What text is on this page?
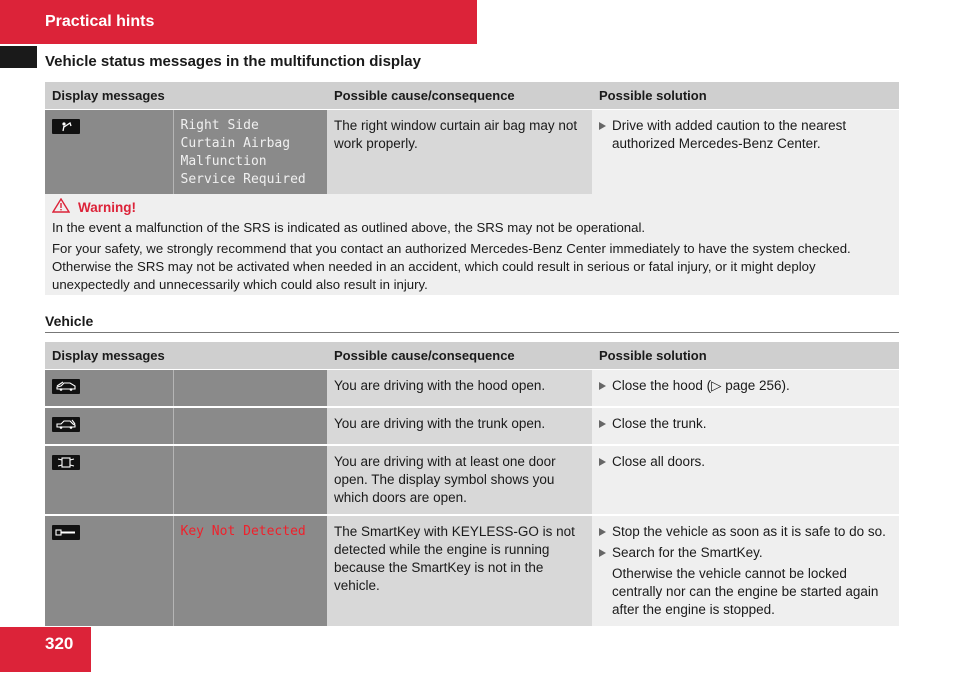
Practical hints
Vehicle status messages in the multifunction display
Display messages		Possible cause/consequence	Possible solution

	Right Side Curtain Airbag Malfunction Service Required	The right window curtain air bag may not work properly.	Drive with added caution to the nearest authorized Mercedes-Benz Center.
Warning!

In the event a malfunction of the SRS is indicated as outlined above, the SRS may not be operational.

For your safety, we strongly recommend that you contact an authorized Mercedes-Benz Center immediately to have the system checked. Otherwise the SRS may not be activated when needed in an accident, which could result in serious or fatal injury, or it might deploy unexpectedly and unnecessarily which could also result in injury.

Vehicle
Display messages		Possible cause/consequence	Possible solution

		You are driving with the hood open.	Close the hood (▷ page 256).

		You are driving with the trunk open.	Close the trunk.

		You are driving with at least one door open. The display symbol shows you which doors are open.	Close all doors.

	Key Not Detected	The SmartKey with KEYLESS-GO is not detected while the engine is running because the SmartKey is not in the vehicle.	Stop the vehicle as soon as it is safe to do so.
Search for the SmartKey.
Otherwise the vehicle cannot be locked centrally nor can the engine be started again after the engine is stopped.
320
